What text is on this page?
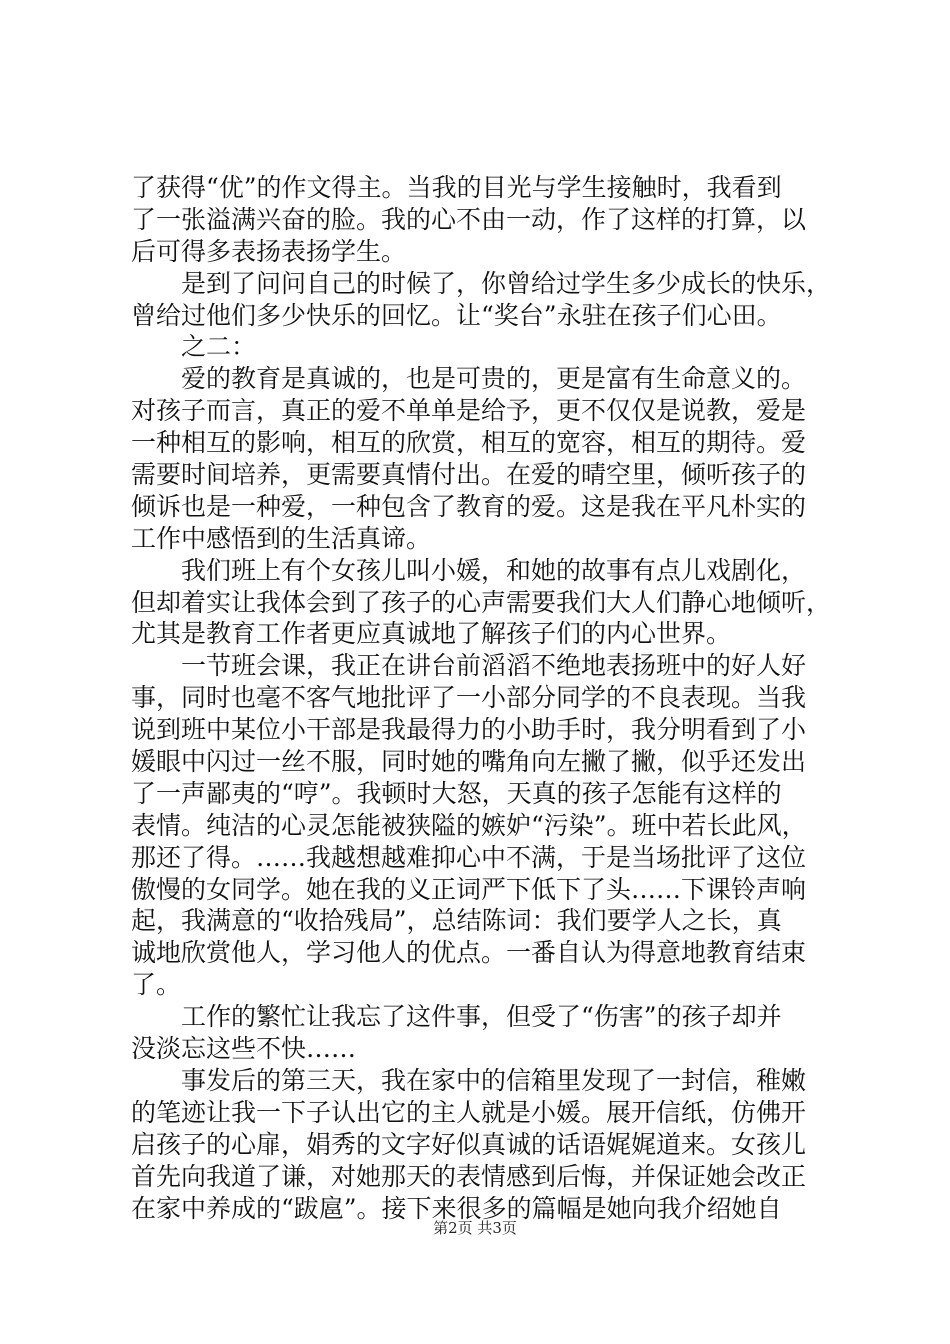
了获得“优”的作文得主。当我的目光与学生接触时，我看到
了一张溢满兴奋的脸。我的心不由一动，作了这样的打算，以
后可得多表扬表扬学生。
是到了问问自己的时候了，你曾给过学生多少成长的快乐，
曾给过他们多少快乐的回忆。让“奖台”永驻在孩子们心田。
之二：
爱的教育是真诚的，也是可贵的，更是富有生命意义的。
对孩子而言，真正的爱不单单是给予，更不仅仅是说教，爱是
一种相互的影响，相互的欣赏，相互的宽容，相互的期待。爱
需要时间培养，更需要真情付出。在爱的晴空里，倾听孩子的
倾诉也是一种爱，一种包含了教育的爱。这是我在平凡朴实的
工作中感悟到的生活真谛。
我们班上有个女孩儿叫小媛，和她的故事有点儿戏剧化，
但却着实让我体会到了孩子的心声需要我们大人们静心地倾听，
尤其是教育工作者更应真诚地了解孩子们的内心世界。
一节班会课，我正在讲台前滔滔不绝地表扬班中的好人好
事，同时也毫不客气地批评了一小部分同学的不良表现。当我
说到班中某位小干部是我最得力的小助手时，我分明看到了小
媛眼中闪过一丝不服，同时她的嘴角向左撇了撇，似乎还发出
了一声鄙夷的“哼”。我顿时大怒，天真的孩子怎能有这样的
表情。纯洁的心灵怎能被狭隘的嫉妒“污染”。班中若长此风，
那还了得。……我越想越难抑心中不满，于是当场批评了这位
傲慢的女同学。她在我的义正词严下低下了头……下课铃声响
起，我满意的“收拾残局”，总结陈词：我们要学人之长，真
诚地欣赏他人，学习他人的优点。一番自认为得意地教育结束
了。
工作的繁忙让我忘了这件事，但受了“伤害”的孩子却并
没淡忘这些不快……
事发后的第三天，我在家中的信箱里发现了一封信，稚嫩
的笔迹让我一下子认出它的主人就是小媛。展开信纸，仿佛开
启孩子的心扉，娟秀的文字好似真诚的话语娓娓道来。女孩儿
首先向我道了谦，对她那天的表情感到后悔，并保证她会改正
在家中养成的“跋扈”。接下来很多的篇幅是她向我介绍她自
第2页 共3页
